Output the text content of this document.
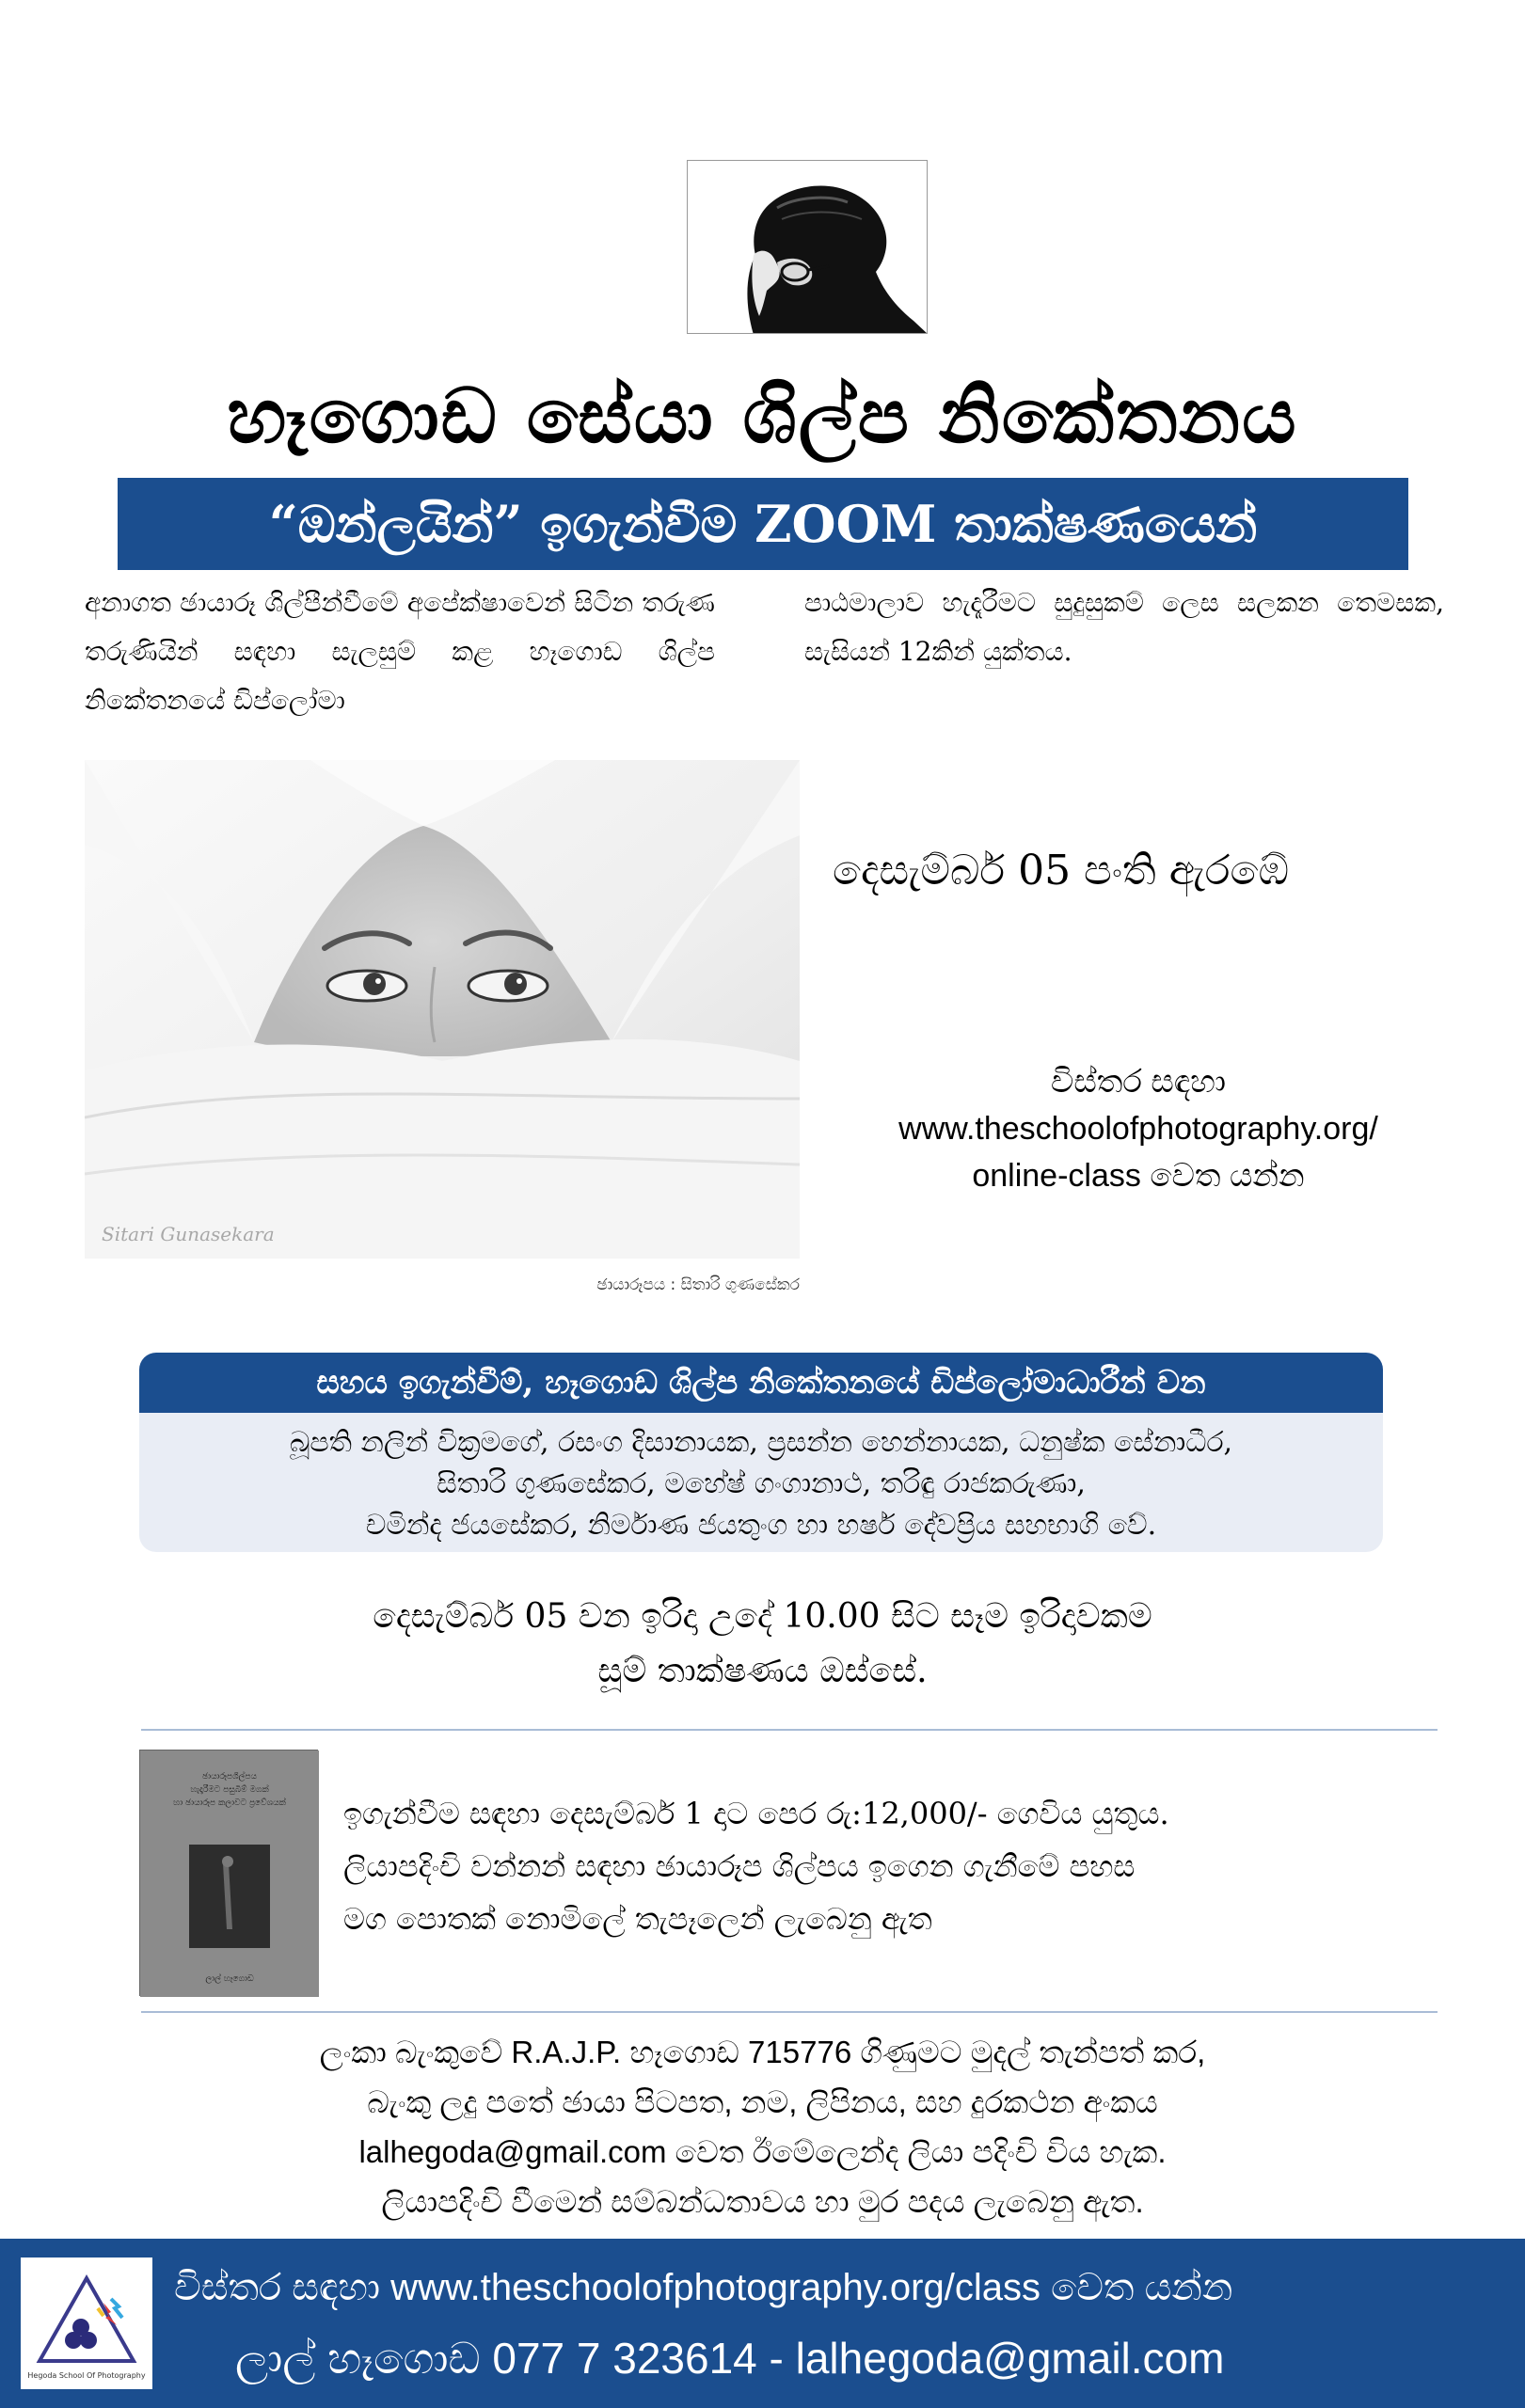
හෑගොඩ සේයා ශිල්ප නිකේතනය
“ඔන්ලයින්” ඉගැන්වීම ZOOM තාක්ෂණයෙන්
අනාගත ඡායාරූ ශිල්පීන්වීමේ අපේක්ෂාවෙන් සිටින තරුණ තරුණියින් සඳහා සැලසුම් කළ හෑගොඩ ශිල්ප නිකේතනයේ ඩිප්ලෝමා
පාඨමාලාව හැදෑරීමට සුදුසුකම් ලෙස සලකන තෙමසක, සැසියන් 12කින් යුක්තය.
Sitari Gunasekara
ඡායාරූපය : සිතාරි ගුණසේකර
දෙසැම්බර් 05 පංති ඇරඹේ
විස්තර සඳහා
www.theschoolofphotography.org/
online-class වෙත යන්න
සහය ඉගැන්වීම්, හෑගොඩ ශිල්ප නිකේතනයේ ඩිප්ලෝමාධාරීන් වන
බූපති නලින් වික්‍රමගේ, රසංග දිසානායක, ප්‍රසන්න හෙන්නායක, ධනුෂ්ක සේනාධීර,
සිතාරි ගුණසේකර, මහේෂ් ගංගානාථ, තරිඳු රාජකරුණා,
චමින්ද ජයසේකර, නිර්මාණ ජයතුංග හා හර්ෂ දේවප්‍රිය සහභාගි වේ.
දෙසැම්බර් 05 වන ඉරිදා උදේ 10.00 සිට සෑම ඉරිදාවකම
සූම් තාක්ෂණය ඔස්සේ.
ඡායාරූපශිල්පය
හැදෑරීමට පසුබිම් මගක්
හා ඡායාරූප කලාවට ප්‍රවේශයක්
ලාල් හෑගොඩ
ඉගැන්වීම සඳහා දෙසැම්බර් 1 දාට පෙර රු:12,000/- ගෙවිය යුතුය.
ලියාපදිංචි වන්නන් සඳහා ඡායාරූප ශිල්පය ඉගෙන ගැනීමේ පහස
මග පොතක් නොමිලේ තැපෑලෙන් ලැබෙනු ඇත
ලංකා බැංකුවේ R.A.J.P. හෑගොඩ 715776 ගිණුමට මුදල් තැන්පත් කර,
බැංකු ලදු පතේ ඡායා පිටපත, නම, ලිපිනය, සහ දුරකථන අංකය
lalhegoda@gmail.com වෙත ඊමේලෙන්ද ලියා පදිංචි විය හැක.
ලියාපදිංචි වීමෙන් සම්බන්ධතාවය හා මුර පදය ලැබෙනු ඇත.
Hegoda School Of Photography
විස්තර සඳහා www.theschoolofphotography.org/class වෙත යන්න
ලාල් හෑගොඩ 077 7 323614 - lalhegoda@gmail.com
